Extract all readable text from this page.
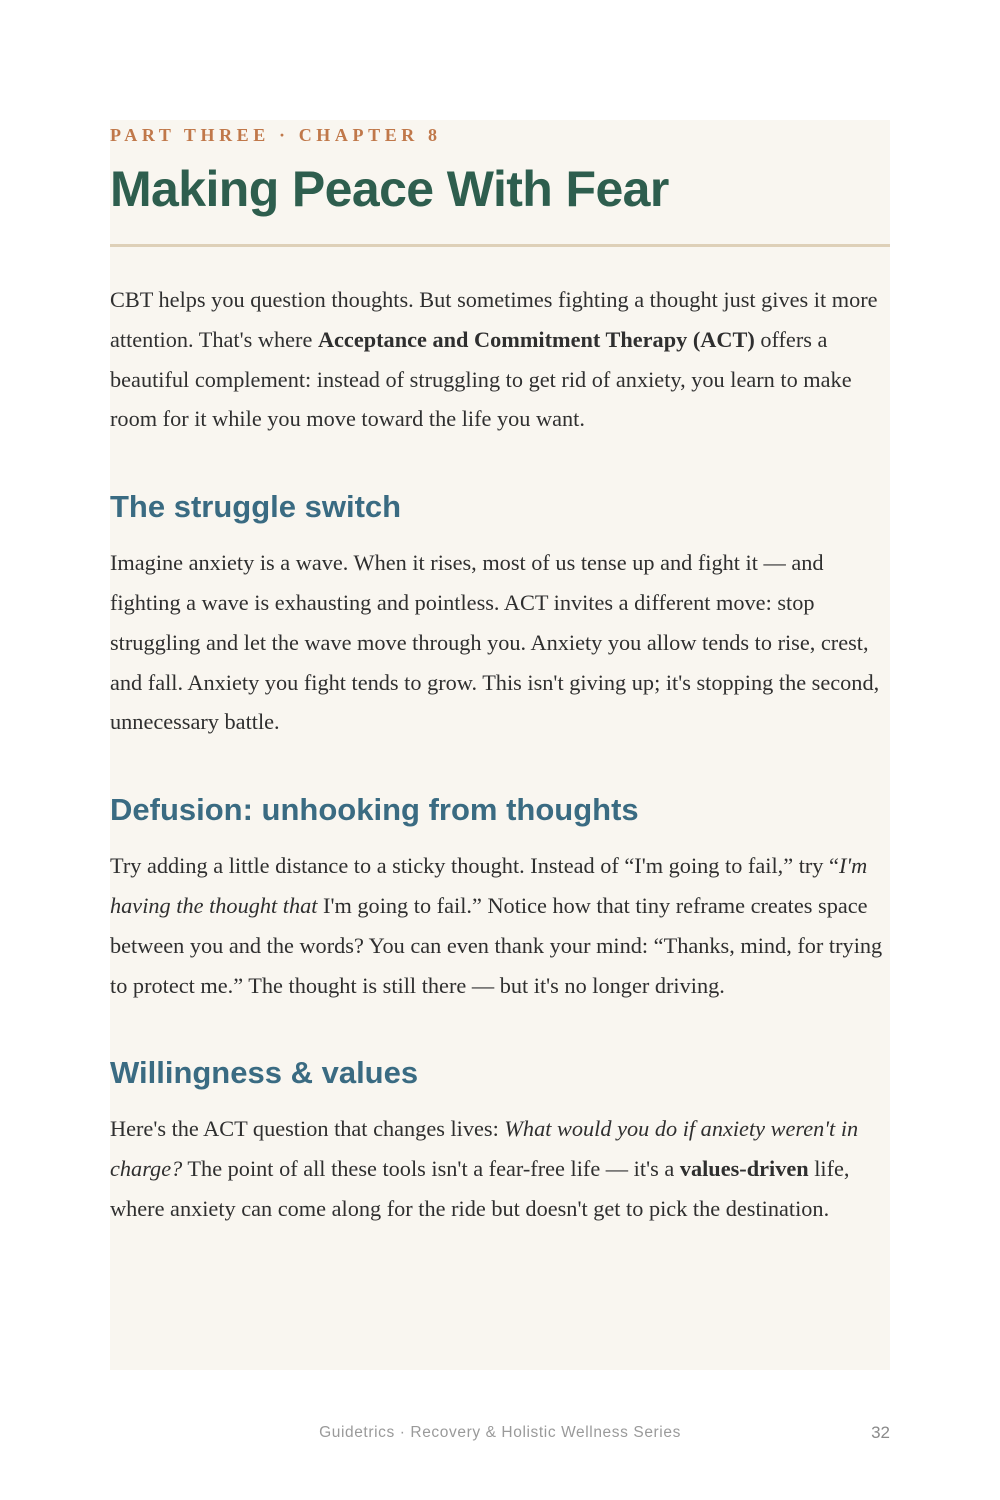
PART THREE · CHAPTER 8
Making Peace With Fear

CBT helps you question thoughts. But sometimes fighting a thought just gives it more attention. That's where Acceptance and Commitment Therapy (ACT) offers a beautiful complement: instead of struggling to get rid of anxiety, you learn to make room for it while you move toward the life you want.

The struggle switch

Imagine anxiety is a wave. When it rises, most of us tense up and fight it — and fighting a wave is exhausting and pointless. ACT invites a different move: stop struggling and let the wave move through you. Anxiety you allow tends to rise, crest, and fall. Anxiety you fight tends to grow. This isn't giving up; it's stopping the second, unnecessary battle.

Defusion: unhooking from thoughts

Try adding a little distance to a sticky thought. Instead of “I'm going to fail,” try “I'm having the thought that I'm going to fail.” Notice how that tiny reframe creates space between you and the words? You can even thank your mind: “Thanks, mind, for trying to protect me.” The thought is still there — but it's no longer driving.

Willingness & values

Here's the ACT question that changes lives: What would you do if anxiety weren't in charge? The point of all these tools isn't a fear-free life — it's a values-driven life, where anxiety can come along for the ride but doesn't get to pick the destination.

Guidetrics · Recovery & Holistic Wellness Series	32
